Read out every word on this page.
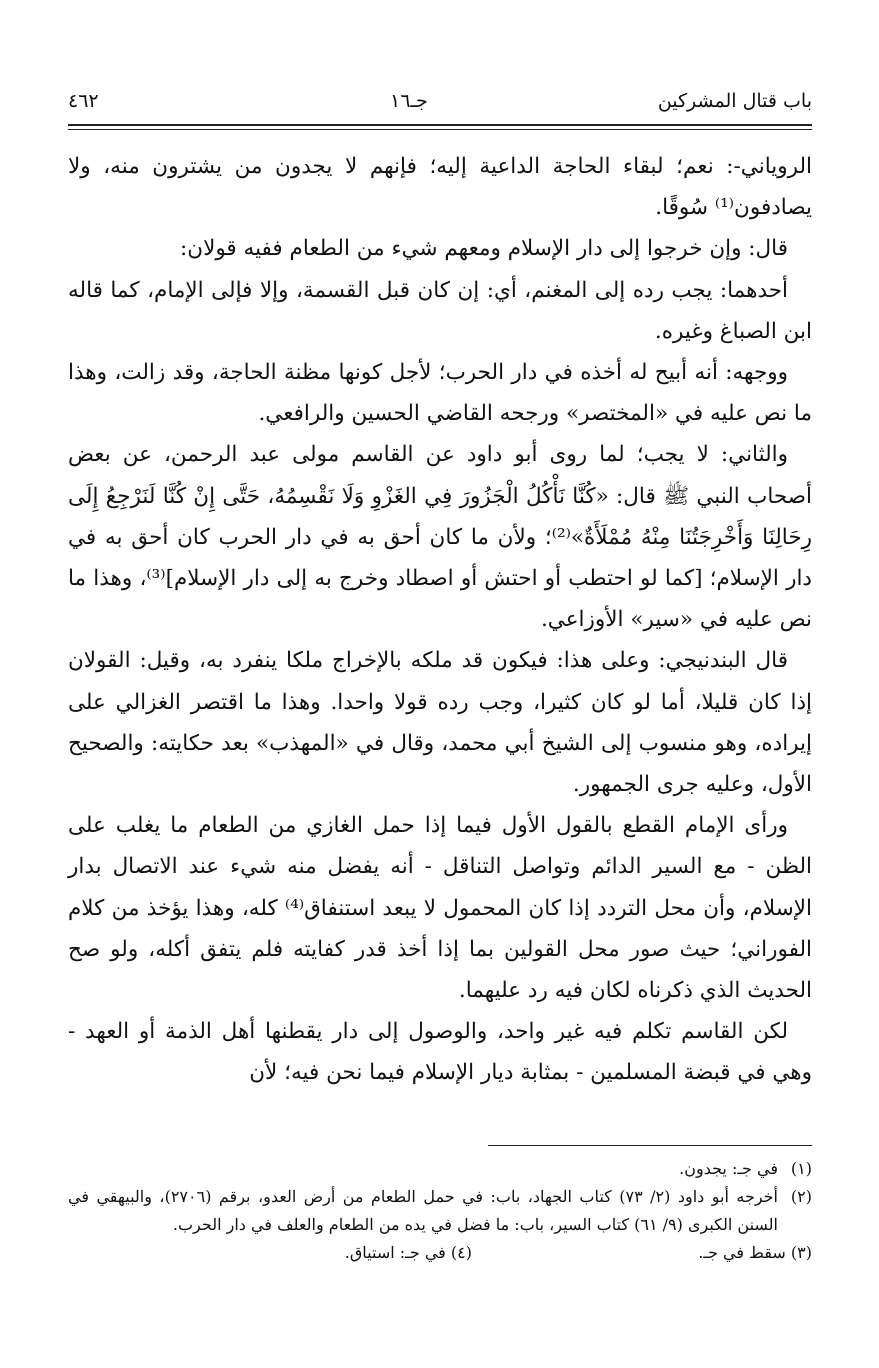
باب قتال المشركين
جـ١٦
٤٦٢

الروياني-: نعم؛ لبقاء الحاجة الداعية إليه؛ فإنهم لا يجدون من يشترون منه، ولا يصادفون⁽¹⁾ سُوقًا.

قال: وإن خرجوا إلى دار الإسلام ومعهم شيء من الطعام ففيه قولان:

أحدهما: يجب رده إلى المغنم، أي: إن كان قبل القسمة، وإلا فإلى الإمام، كما قاله ابن الصباغ وغيره.

ووجهه: أنه أبيح له أخذه في دار الحرب؛ لأجل كونها مظنة الحاجة، وقد زالت، وهذا ما نص عليه في «المختصر» ورجحه القاضي الحسين والرافعي.

والثاني: لا يجب؛ لما روى أبو داود عن القاسم مولى عبد الرحمن، عن بعض أصحاب النبي ﷺ قال: «كُنَّا نَأْكُلُ الْجَزُورَ فِي الغَزْوِ وَلَا نَقْسِمُهُ، حَتَّى إِنْ كُنَّا لَنَرْجِعُ إِلَى رِحَالِنَا وَأَخْرِجَتُنَا مِنْهُ مُمْلَأَةٌ»⁽²⁾؛ ولأن ما كان أحق به في دار الحرب كان أحق به في دار الإسلام؛ [كما لو احتطب أو احتش أو اصطاد وخرج به إلى دار الإسلام]⁽³⁾، وهذا ما نص عليه في «سير» الأوزاعي.

قال البندنيجي: وعلى هذا: فيكون قد ملكه بالإخراج ملكا ينفرد به، وقيل: القولان إذا كان قليلا، أما لو كان كثيرا، وجب رده قولا واحدا. وهذا ما اقتصر الغزالي على إيراده، وهو منسوب إلى الشيخ أبي محمد، وقال في «المهذب» بعد حكايته: والصحيح الأول، وعليه جرى الجمهور.

ورأى الإمام القطع بالقول الأول فيما إذا حمل الغازي من الطعام ما يغلب على الظن - مع السير الدائم وتواصل التناقل - أنه يفضل منه شيء عند الاتصال بدار الإسلام، وأن محل التردد إذا كان المحمول لا يبعد استنفاق⁽⁴⁾ كله، وهذا يؤخذ من كلام الفوراني؛ حيث صور محل القولين بما إذا أخذ قدر كفايته فلم يتفق أكله، ولو صح الحديث الذي ذكرناه لكان فيه رد عليهما.

لكن القاسم تكلم فيه غير واحد، والوصول إلى دار يقطنها أهل الذمة أو العهد - وهي في قبضة المسلمين - بمثابة ديار الإسلام فيما نحن فيه؛ لأن

(١)
في جـ: يجدون.

(٢)
أخرجه أبو داود (٢/ ٧٣) كتاب الجهاد، باب: في حمل الطعام من أرض العدو، برقم (٢٧٠٦)، والبيهقي في السنن الكبرى (٩/ ٦١) كتاب السير، باب: ما فضل في يده من الطعام والعلف في دار الحرب.

(٣) سقط في جـ.
(٤) في جـ: استياق.
